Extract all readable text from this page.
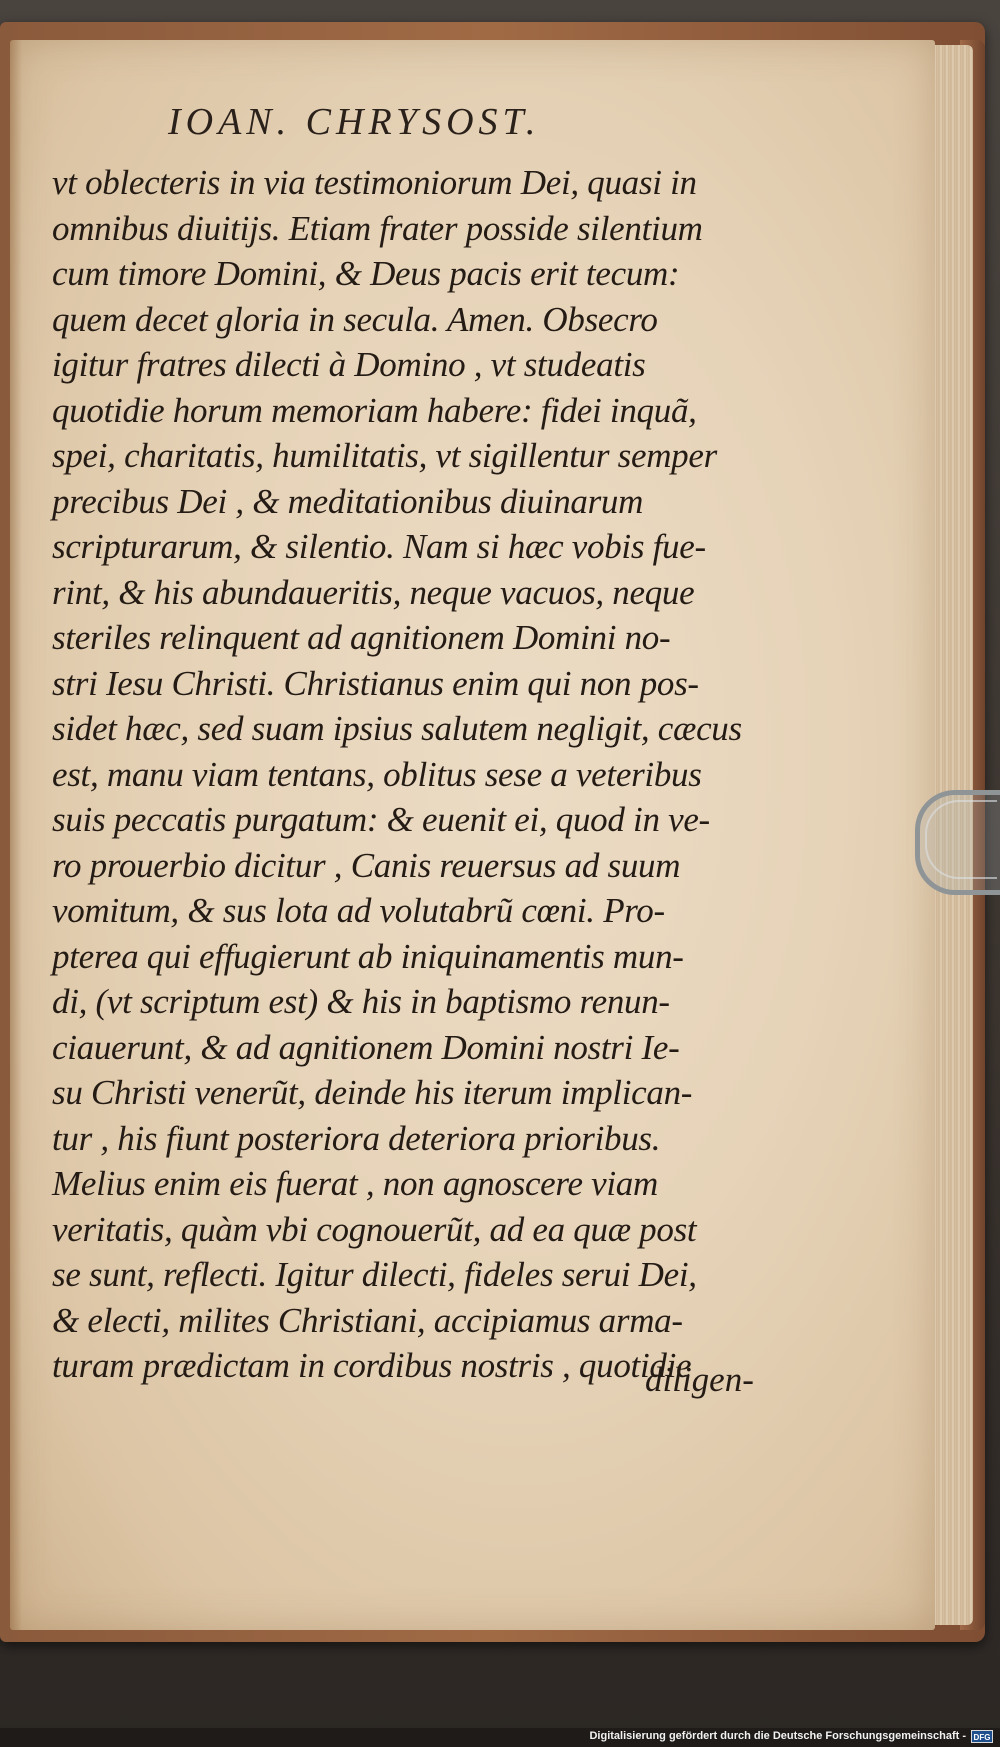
IOAN. CHRYSOST.
vt oblecteris in via testimoniorum Dei, quasi in
omnibus diuitijs. Etiam frater posside silentium
cum timore Domini, & Deus pacis erit tecum:
quem decet gloria in secula. Amen. Obsecro
igitur fratres dilecti à Domino , vt studeatis
quotidie horum memoriam habere: fidei inquã,
spei, charitatis, humilitatis, vt sigillentur semper
precibus Dei , & meditationibus diuinarum
scripturarum, & silentio. Nam si hæc vobis fue-
rint, & his abundaueritis, neque vacuos, neque
steriles relinquent ad agnitionem Domini no-
stri Iesu Christi. Christianus enim qui non pos-
sidet hæc, sed suam ipsius salutem negligit, cæcus
est, manu viam tentans, oblitus sese a veteribus
suis peccatis purgatum: & euenit ei, quod in ve-
ro prouerbio dicitur , Canis reuersus ad suum
vomitum, & sus lota ad volutabrũ cœni. Pro-
pterea qui effugierunt ab iniquinamentis mun-
di, (vt scriptum est) & his in baptismo renun-
ciauerunt, & ad agnitionem Domini nostri Ie-
su Christi venerũt, deinde his iterum implican-
tur , his fiunt posteriora deteriora prioribus.
Melius enim eis fuerat , non agnoscere viam
veritatis, quàm vbi cognouerũt, ad ea quæ post
se sunt, reflecti. Igitur dilecti, fideles serui Dei,
& electi, milites Christiani, accipiamus arma-
turam prædictam in cordibus nostris , quotidie
diligen-
Digitalisierung gefördert durch die Deutsche Forschungsgemeinschaft - DFG
